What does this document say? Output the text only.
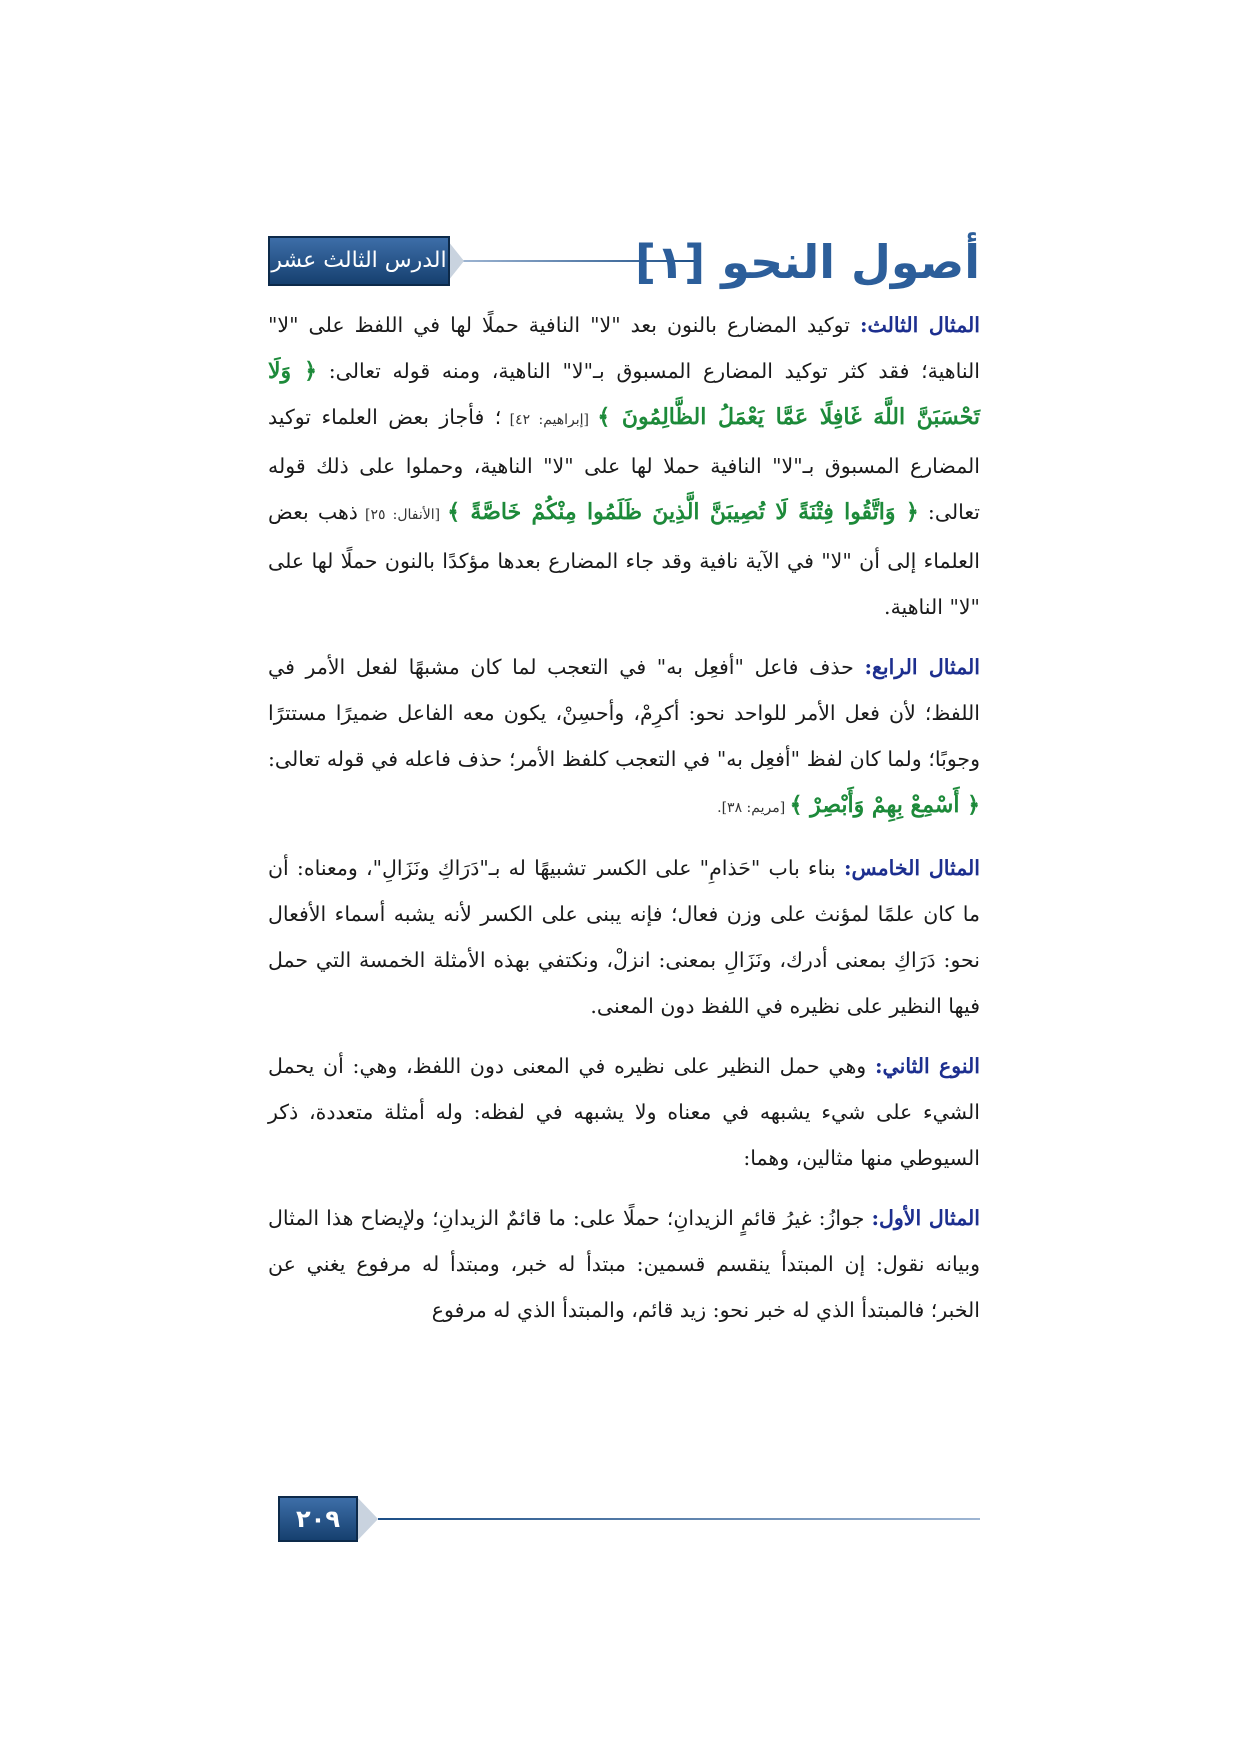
أصول النحو [١]
الدرس الثالث عشر

المثال الثالث: توكيد المضارع بالنون بعد "لا" النافية حملًا لها في اللفظ على "لا" الناهية؛ فقد كثر توكيد المضارع المسبوق بـ"لا" الناهية، ومنه قوله تعالى: ﴿ وَلَا تَحْسَبَنَّ اللَّهَ غَافِلًا عَمَّا يَعْمَلُ الظَّالِمُونَ ﴾ [إبراهيم: ٤٢] ؛ فأجاز بعض العلماء توكيد المضارع المسبوق بـ"لا" النافية حملا لها على "لا" الناهية، وحملوا على ذلك قوله تعالى: ﴿ وَاتَّقُوا فِتْنَةً لَا تُصِيبَنَّ الَّذِينَ ظَلَمُوا مِنْكُمْ خَاصَّةً ﴾ [الأنفال: ٢٥] ذهب بعض العلماء إلى أن "لا" في الآية نافية وقد جاء المضارع بعدها مؤكدًا بالنون حملًا لها على "لا" الناهية.

المثال الرابع: حذف فاعل "أفعِل به" في التعجب لما كان مشبهًا لفعل الأمر في اللفظ؛ لأن فعل الأمر للواحد نحو: أكرِمْ، وأحسِنْ، يكون معه الفاعل ضميرًا مستترًا وجوبًا؛ ولما كان لفظ "أفعِل به" في التعجب كلفظ الأمر؛ حذف فاعله في قوله تعالى: ﴿ أَسْمِعْ بِهِمْ وَأَبْصِرْ ﴾ [مريم: ٣٨].

المثال الخامس: بناء باب "حَذامِ" على الكسر تشبيهًا له بـ"دَرَاكِ ونَزَالِ"، ومعناه: أن ما كان علمًا لمؤنث على وزن فعال؛ فإنه يبنى على الكسر لأنه يشبه أسماء الأفعال نحو: دَرَاكِ بمعنى أدرك، ونَزَالِ بمعنى: انزلْ، ونكتفي بهذه الأمثلة الخمسة التي حمل فيها النظير على نظيره في اللفظ دون المعنى.

النوع الثاني: وهي حمل النظير على نظيره في المعنى دون اللفظ، وهي: أن يحمل الشيء على شيء يشبهه في معناه ولا يشبهه في لفظه: وله أمثلة متعددة، ذكر السيوطي منها مثالين، وهما:

المثال الأول: جوازُ: غيرُ قائمٍ الزيدانِ؛ حملًا على: ما قائمٌ الزيدانِ؛ ولإيضاح هذا المثال وبيانه نقول: إن المبتدأ ينقسم قسمين: مبتدأ له خبر، ومبتدأ له مرفوع يغني عن الخبر؛ فالمبتدأ الذي له خبر نحو: زيد قائم، والمبتدأ الذي له مرفوع

٢٠٩
